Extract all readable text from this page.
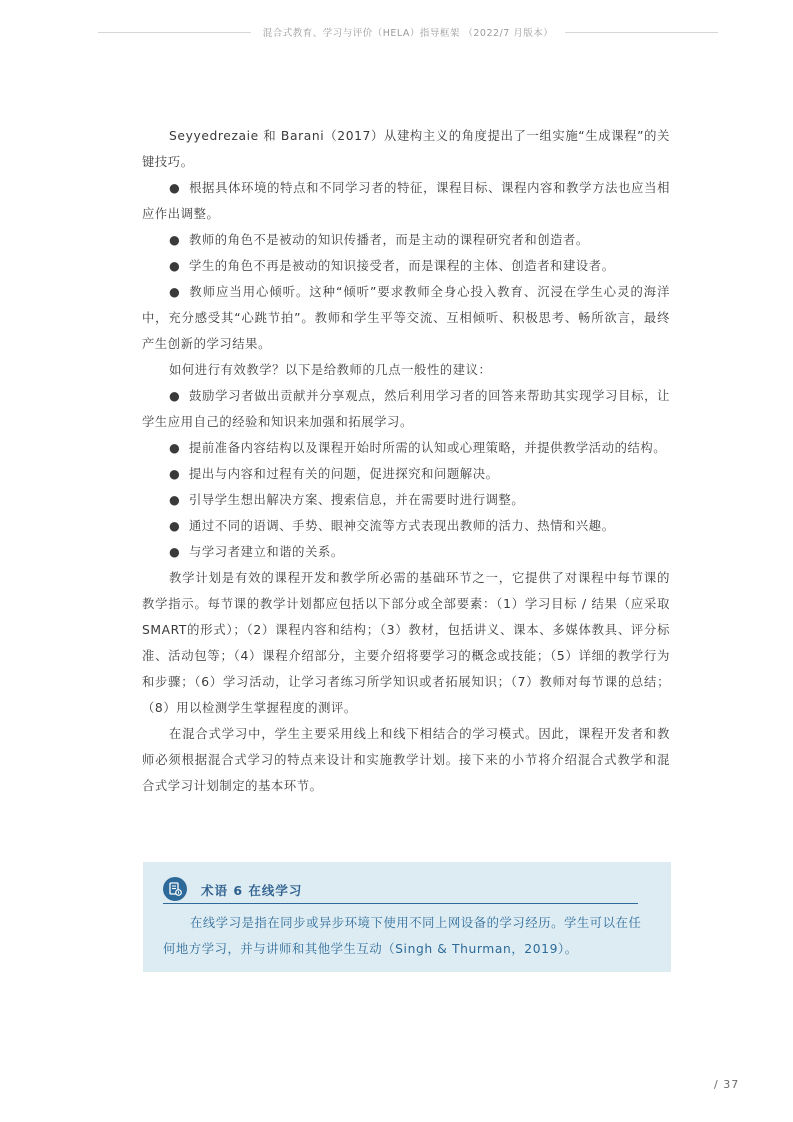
混合式教育、学习与评价（HELA）指导框架 （2022/7 月版本）

Seyyedrezaie 和 Barani（2017）从建构主义的角度提出了一组实施“生成课程”的关键技巧。

● 根据具体环境的特点和不同学习者的特征，课程目标、课程内容和教学方法也应当相应作出调整。

● 教师的角色不是被动的知识传播者，而是主动的课程研究者和创造者。

● 学生的角色不再是被动的知识接受者，而是课程的主体、创造者和建设者。

● 教师应当用心倾听。这种“倾听”要求教师全身心投入教育、沉浸在学生心灵的海洋中，充分感受其“心跳节拍”。教师和学生平等交流、互相倾听、积极思考、畅所欲言，最终产生创新的学习结果。

如何进行有效教学？以下是给教师的几点一般性的建议：

● 鼓励学习者做出贡献并分享观点，然后利用学习者的回答来帮助其实现学习目标，让学生应用自己的经验和知识来加强和拓展学习。

● 提前准备内容结构以及课程开始时所需的认知或心理策略，并提供教学活动的结构。

● 提出与内容和过程有关的问题，促进探究和问题解决。

● 引导学生想出解决方案、搜索信息，并在需要时进行调整。

● 通过不同的语调、手势、眼神交流等方式表现出教师的活力、热情和兴趣。

● 与学习者建立和谐的关系。

教学计划是有效的课程开发和教学所必需的基础环节之一，它提供了对课程中每节课的教学指示。每节课的教学计划都应包括以下部分或全部要素：（1）学习目标 / 结果（应采取SMART的形式）；（2）课程内容和结构；（3）教材，包括讲义、课本、多媒体教具、评分标准、活动包等；（4）课程介绍部分，主要介绍将要学习的概念或技能；（5）详细的教学行为和步骤；（6）学习活动，让学习者练习所学知识或者拓展知识；（7）教师对每节课的总结；（8）用以检测学生掌握程度的测评。

在混合式学习中，学生主要采用线上和线下相结合的学习模式。因此，课程开发者和教师必须根据混合式学习的特点来设计和实施教学计划。接下来的小节将介绍混合式教学和混合式学习计划制定的基本环节。

术语 6 在线学习

在线学习是指在同步或异步环境下使用不同上网设备的学习经历。学生可以在任何地方学习，并与讲师和其他学生互动（Singh & Thurman，2019）。

/ 37
